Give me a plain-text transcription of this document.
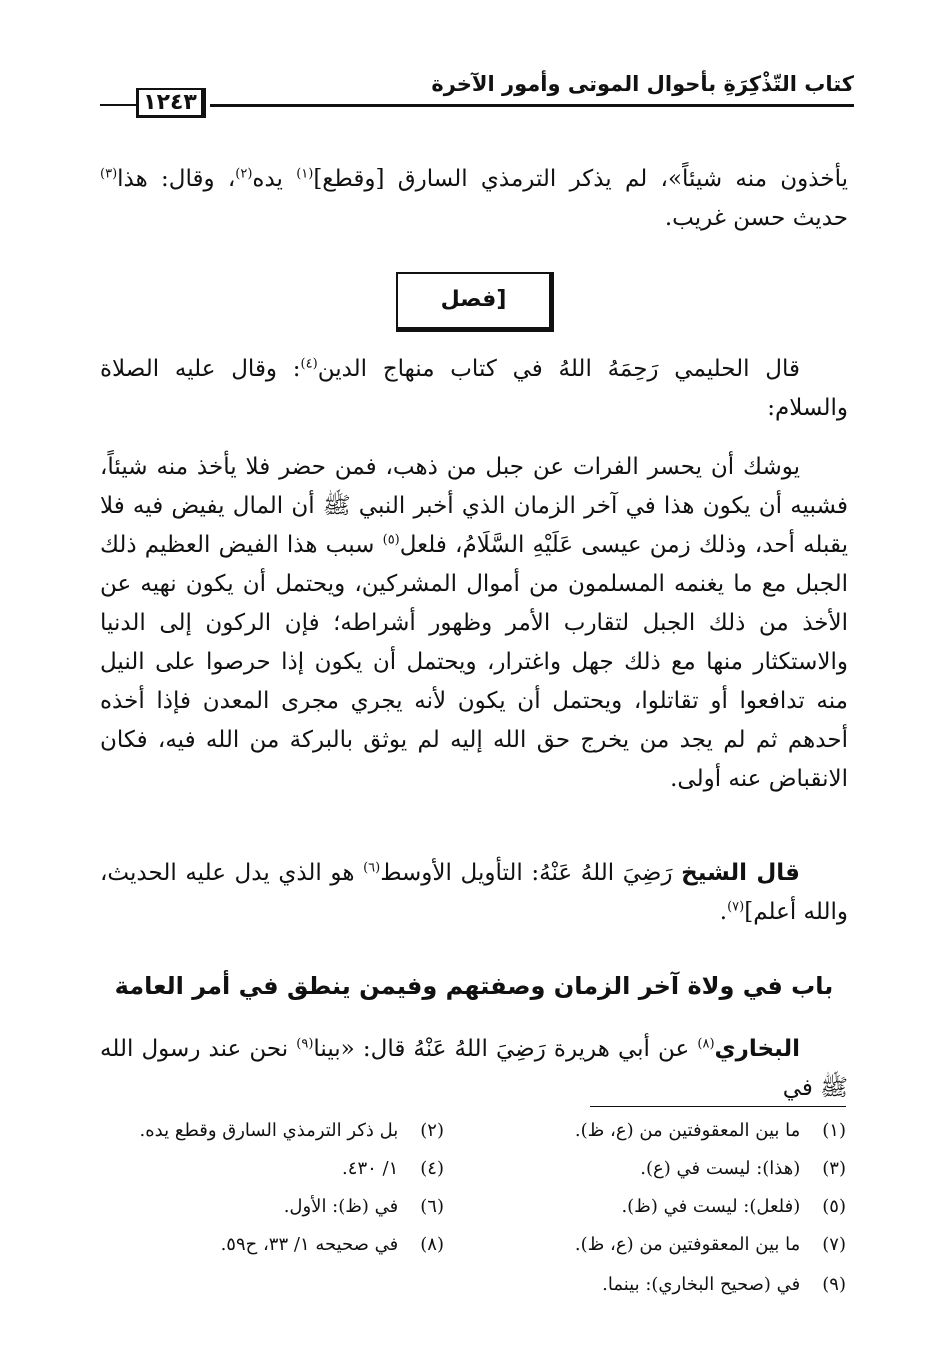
كتاب التّذْكِرَةِ بأحوال الموتى وأمور الآخرة
١٢٤٣
يأخذون منه شيئاً»، لم يذكر الترمذي السارق [وقطع]$^{(١)}$ يده$^{(٢)}$، وقال: هذا$^{(٣)}$ حديث حسن غريب.
[فصل
قال الحليمي رَحِمَهُ اللهُ في كتاب منهاج الدين$^{(٤)}$: وقال عليه الصلاة والسلام:
يوشك أن يحسر الفرات عن جبل من ذهب، فمن حضر فلا يأخذ منه شيئاً، فشبيه أن يكون هذا في آخر الزمان الذي أخبر النبي ﷺ أن المال يفيض فيه فلا يقبله أحد، وذلك زمن عيسى عَلَيْهِ السَّلَامُ، فلعل$^{(٥)}$ سبب هذا الفيض العظيم ذلك الجبل مع ما يغنمه المسلمون من أموال المشركين، ويحتمل أن يكون نهيه عن الأخذ من ذلك الجبل لتقارب الأمر وظهور أشراطه؛ فإن الركون إلى الدنيا والاستكثار منها مع ذلك جهل واغترار، ويحتمل أن يكون إذا حرصوا على النيل منه تدافعوا أو تقاتلوا، ويحتمل أن يكون لأنه يجري مجرى المعدن فإذا أخذه أحدهم ثم لم يجد من يخرج حق الله إليه لم يوثق بالبركة من الله فيه، فكان الانقباض عنه أولى.
قال الشيخ رَضِيَ اللهُ عَنْهُ: التأويل الأوسط$^{(٦)}$ هو الذي يدل عليه الحديث، والله أعلم]$^{(٧)}$.
باب في ولاة آخر الزمان وصفتهم وفيمن ينطق في أمر العامة
البخاري$^{(٨)}$ عن أبي هريرة رَضِيَ اللهُ عَنْهُ قال: «بينا$^{(٩)}$ نحن عند رسول الله ﷺ في
(١) ما بين المعقوفتين من (ع، ظ).
(٢) بل ذكر الترمذي السارق وقطع يده.
(٣) (هذا): ليست في (ع).
(٤) ١/ ٤٣٠.
(٥) (فلعل): ليست في (ظ).
(٦) في (ظ): الأول.
(٧) ما بين المعقوفتين من (ع، ظ).
(٨) في صحيحه ١/ ٣٣، ح٥٩.
(٩) في (صحيح البخاري): بينما.
